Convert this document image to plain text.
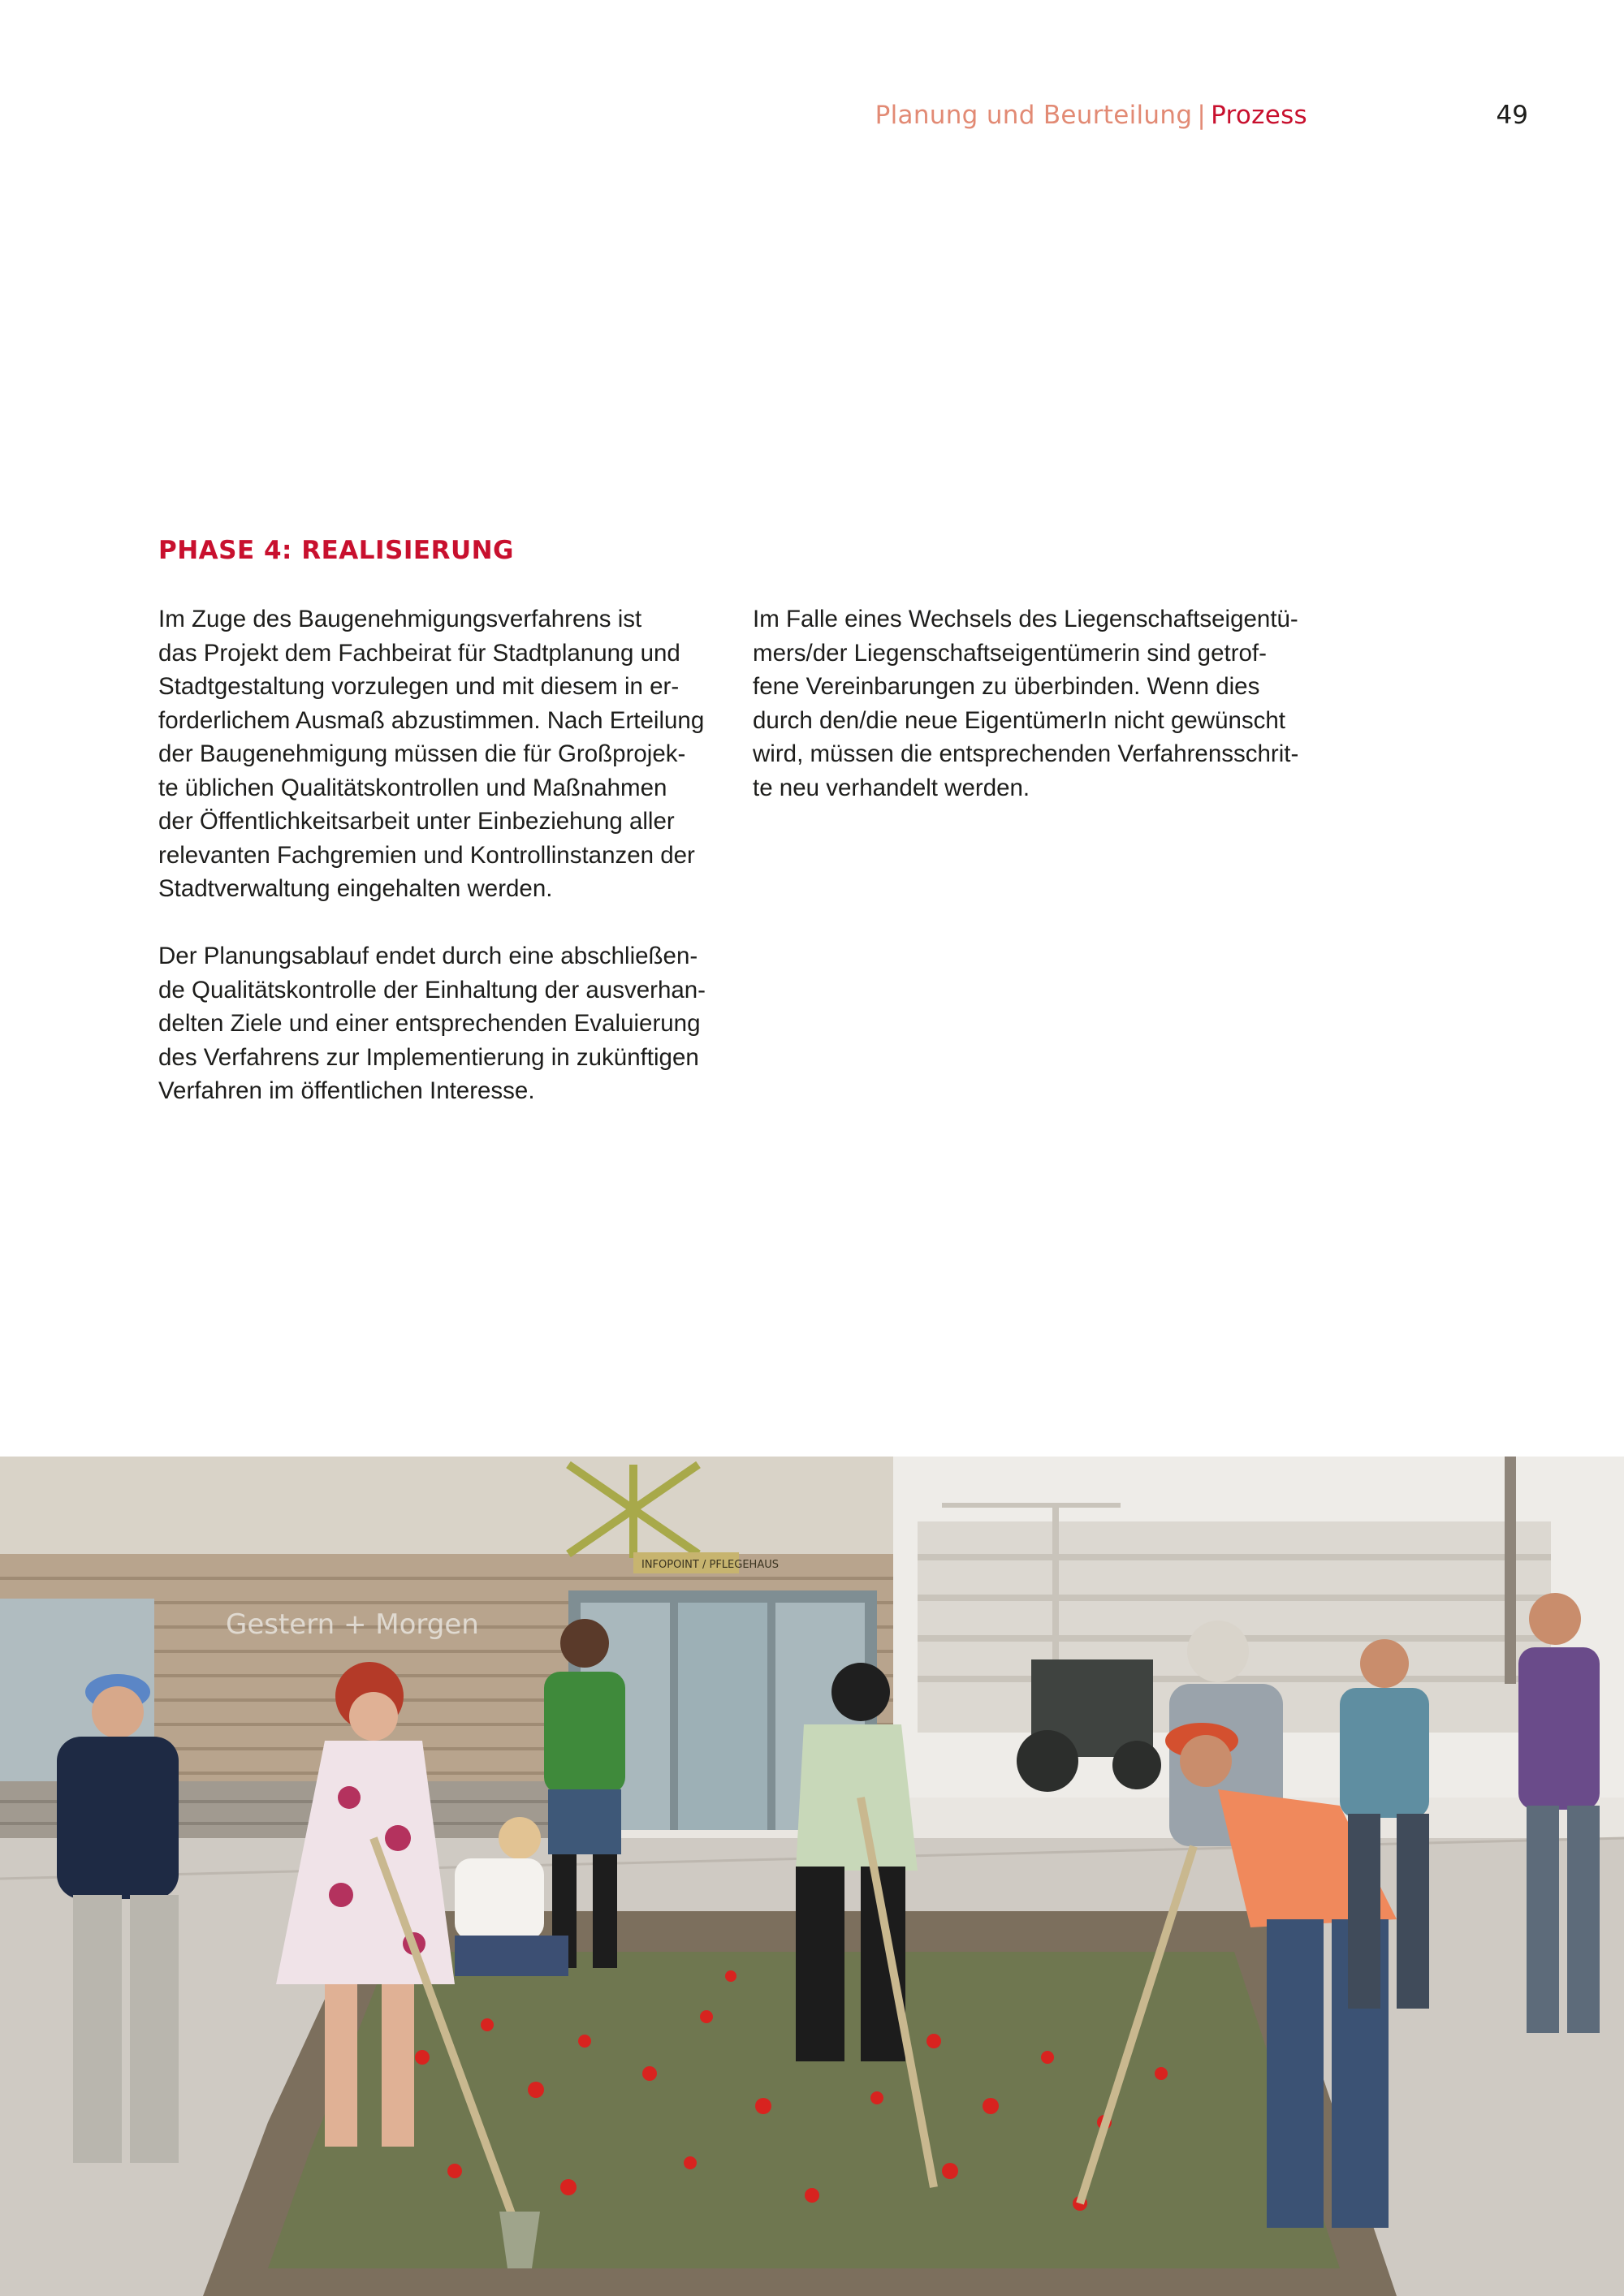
Planung und Beurteilung | Prozess	49
PHASE 4: REALISIERUNG

Im Zuge des Baugenehmigungsverfahrens ist

das Projekt dem Fachbeirat für Stadtplanung und

Stadtgestaltung vorzulegen und mit diesem in er-

forderlichem Ausmaß abzustimmen. Nach Erteilung

der Baugenehmigung müssen die für Großprojek-

te üblichen Qualitätskontrollen und Maßnahmen

der Öffentlichkeitsarbeit unter Einbeziehung aller

relevanten Fachgremien und Kontrollinstanzen der

Stadtverwaltung eingehalten werden.

Der Planungsablauf endet durch eine abschließen-

de Qualitätskontrolle der Einhaltung der ausverhan-

delten Ziele und einer entsprechenden Evaluierung

des Verfahrens zur Implementierung in zukünftigen

Verfahren im öffentlichen Interesse.

Im Falle eines Wechsels des Liegenschaftseigentü-

mers/der Liegenschaftseigentümerin sind getrof-

fene Vereinbarungen zu überbinden. Wenn dies

durch den/die neue EigentümerIn nicht gewünscht

wird, müssen die entsprechenden Verfahrensschrit-

te neu verhandelt werden.

INFOPOINT / PFLEGEHAUS
Gestern + Morgen
